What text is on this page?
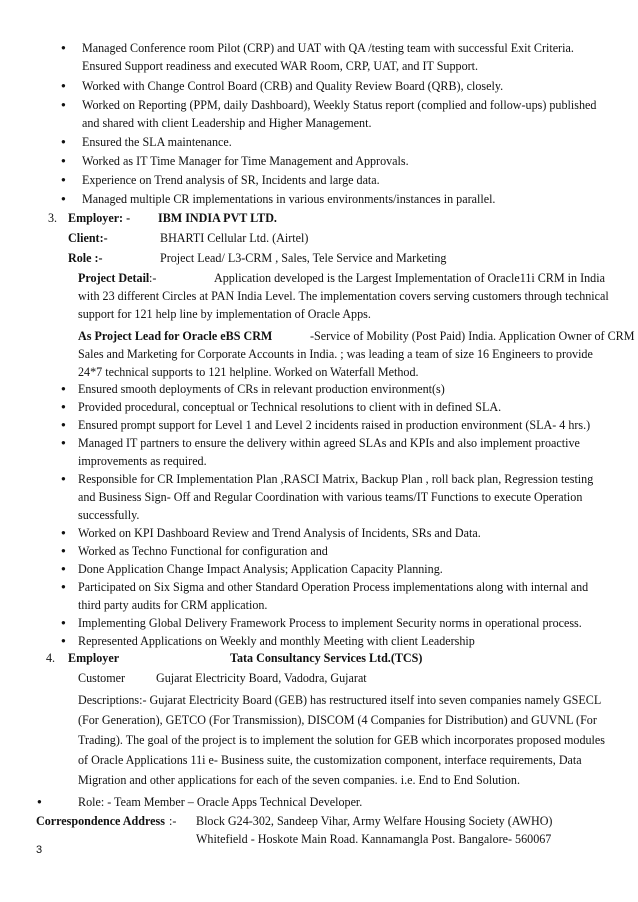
● Managed Conference room Pilot (CRP) and UAT with QA /testing team with successful Exit Criteria.
Ensured Support readiness and executed WAR Room, CRP, UAT, and IT Support.
● Worked with Change Control Board (CRB) and Quality Review Board (QRB), closely.
● Worked on Reporting (PPM, daily Dashboard), Weekly Status report (complied and follow-ups) published
and shared with client Leadership and Higher Management.
● Ensured the SLA maintenance.
● Worked as IT Time Manager for Time Management and Approvals.
● Experience on Trend analysis of SR, Incidents and large data.
● Managed multiple CR implementations in various environments/instances in parallel.
3. Employer: - IBM INDIA PVT LTD.
Client:-	BHARTI Cellular Ltd. (Airtel)
Role :-	Project Lead/ L3-CRM , Sales, Tele Service and Marketing
Project Detail :-	Application developed is the Largest Implementation of Oracle11i CRM in India
with 23 different Circles at PAN India Level. The implementation covers serving customers through technical
support for 121 help line by implementation of Oracle Apps.
As Project Lead for Oracle eBS CRM	-Service of Mobility (Post Paid) India. Application Owner of CRM
Sales and Marketing for Corporate Accounts in India. ; was leading a team of size 16 Engineers to provide
24*7 technical supports to 121 helpline. Worked on Waterfall Method.
● Ensured smooth deployments of CRs in relevant production environment(s)
● Provided procedural, conceptual or Technical resolutions to client with in defined SLA.
● Ensured prompt support for Level 1 and Level 2 incidents raised in production environment (SLA- 4 hrs.)
● Managed IT partners to ensure the delivery within agreed SLAs and KPIs and also implement proactive
improvements as required.
● Responsible for CR Implementation Plan ,RASCI Matrix, Backup Plan , roll back plan, Regression testing
and Business Sign- Off and Regular Coordination with various teams/IT Functions to execute Operation
successfully.
● Worked on KPI Dashboard Review and Trend Analysis of Incidents, SRs and Data.
● Worked as Techno Functional for configuration and
● Done Application Change Impact Analysis; Application Capacity Planning.
● Participated on Six Sigma and other Standard Operation Process implementations along with internal and
third party audits for CRM application.
● Implementing Global Delivery Framework Process to implement Security norms in operational process.
● Represented Applications on Weekly and monthly Meeting with client Leadership
4. Employer	Tata Consultancy Services Ltd.(TCS)
Customer	Gujarat Electricity Board, Vadodra, Gujarat
Descriptions:- Gujarat Electricity Board (GEB) has restructured itself into seven companies namely GSECL
(For Generation), GETCO (For Transmission), DISCOM (4 Companies for Distribution) and GUVNL (For
Trading). The goal of the project is to implement the solution for GEB which incorporates proposed modules
of Oracle Applications 11i e- Business suite, the customization component, interface requirements, Data
Migration and other applications for each of the seven companies. i.e. End to End Solution.
●	Role: - Team Member – Oracle Apps Technical Developer.
Correspondence Address :- Block G24-302, Sandeep Vihar, Army Welfare Housing Society (AWHO)
Whitefield - Hoskote Main Road. Kannamangla Post. Bangalore- 560067
3
